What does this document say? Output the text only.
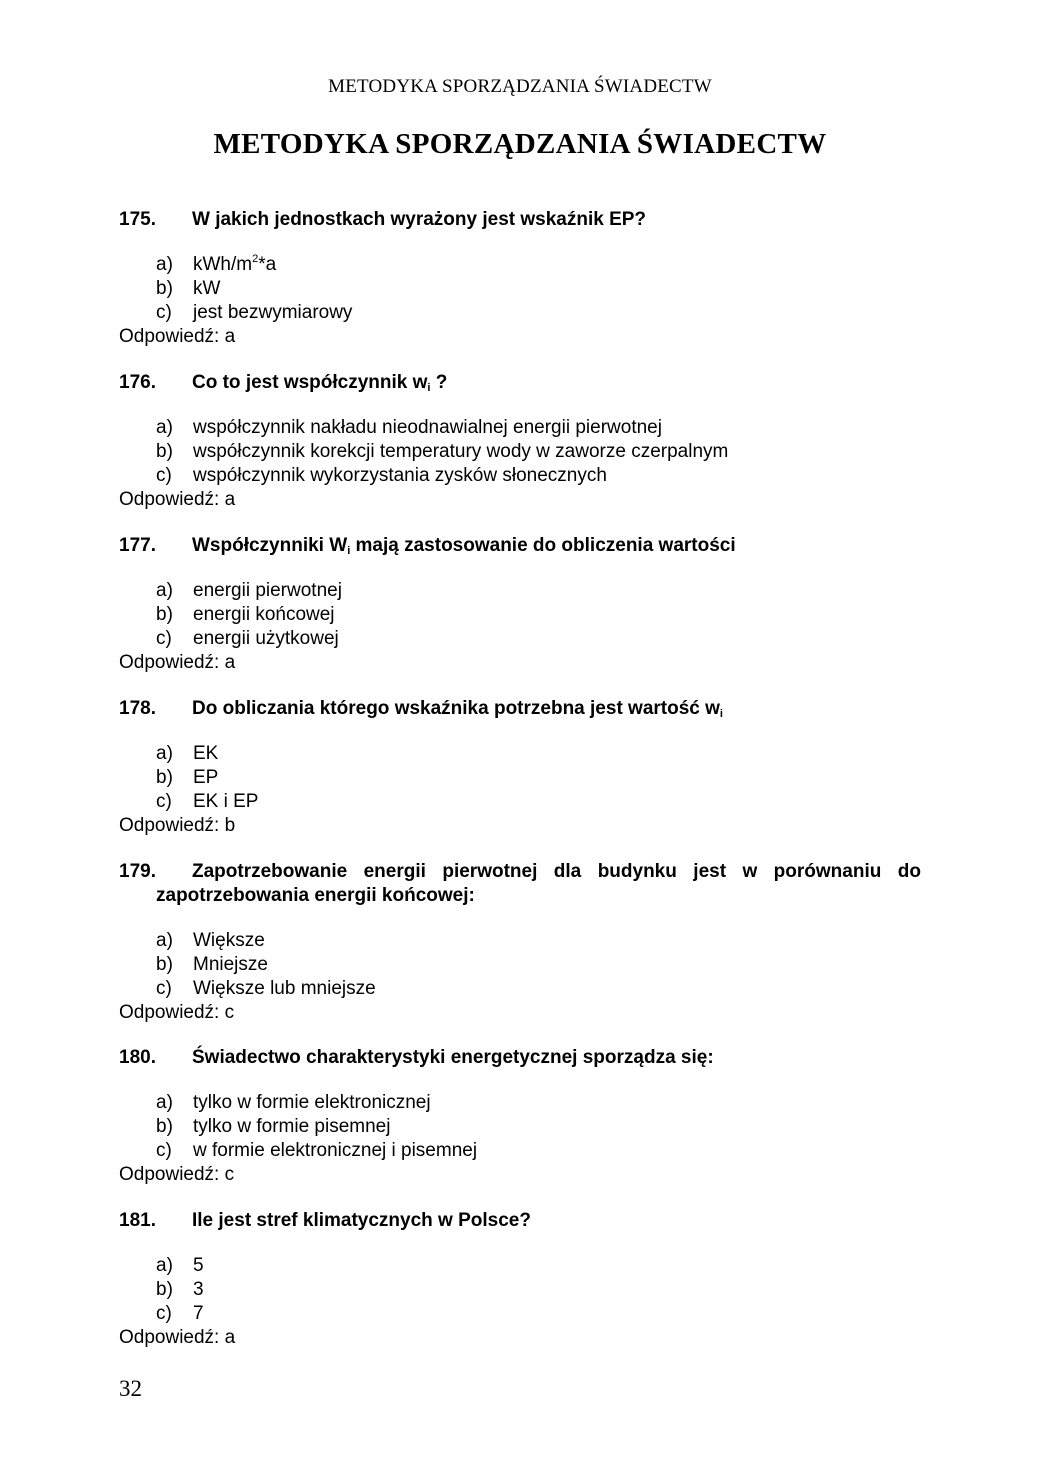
METODYKA SPORZĄDZANIA ŚWIADECTW
METODYKA SPORZĄDZANIA ŚWIADECTW
175. W jakich jednostkach wyrażony jest wskaźnik EP?
a) kWh/$m^2*a$
b) kW
c) jest bezwymiarowy
Odpowiedź: a
176. Co to jest współczynnik $w_i$ ?
a) współczynnik nakładu nieodnawialnej energii pierwotnej
b) współczynnik korekcji temperatury wody w zaworze czerpalnym
c) współczynnik wykorzystania zysków słonecznych
Odpowiedź: a
177. Współczynniki $W_i$ mają zastosowanie do obliczenia wartości
a) energii pierwotnej
b) energii końcowej
c) energii użytkowej
Odpowiedź: a
178. Do obliczania którego wskaźnika potrzebna jest wartość $w_i$
a) EK
b) EP
c) EK i EP
Odpowiedź: b
179. Zapotrzebowanie energii pierwotnej dla budynku jest w porównaniu do
zapotrzebowania energii końcowej:
a) Większe
b) Mniejsze
c) Większe lub mniejsze
Odpowiedź: c
180. Świadectwo charakterystyki energetycznej sporządza się:
a) tylko w formie elektronicznej
b) tylko w formie pisemnej
c) w formie elektronicznej i pisemnej
Odpowiedź: c
181. Ile jest stref klimatycznych w Polsce?
a) 5
b) 3
c) 7
Odpowiedź: a
32
